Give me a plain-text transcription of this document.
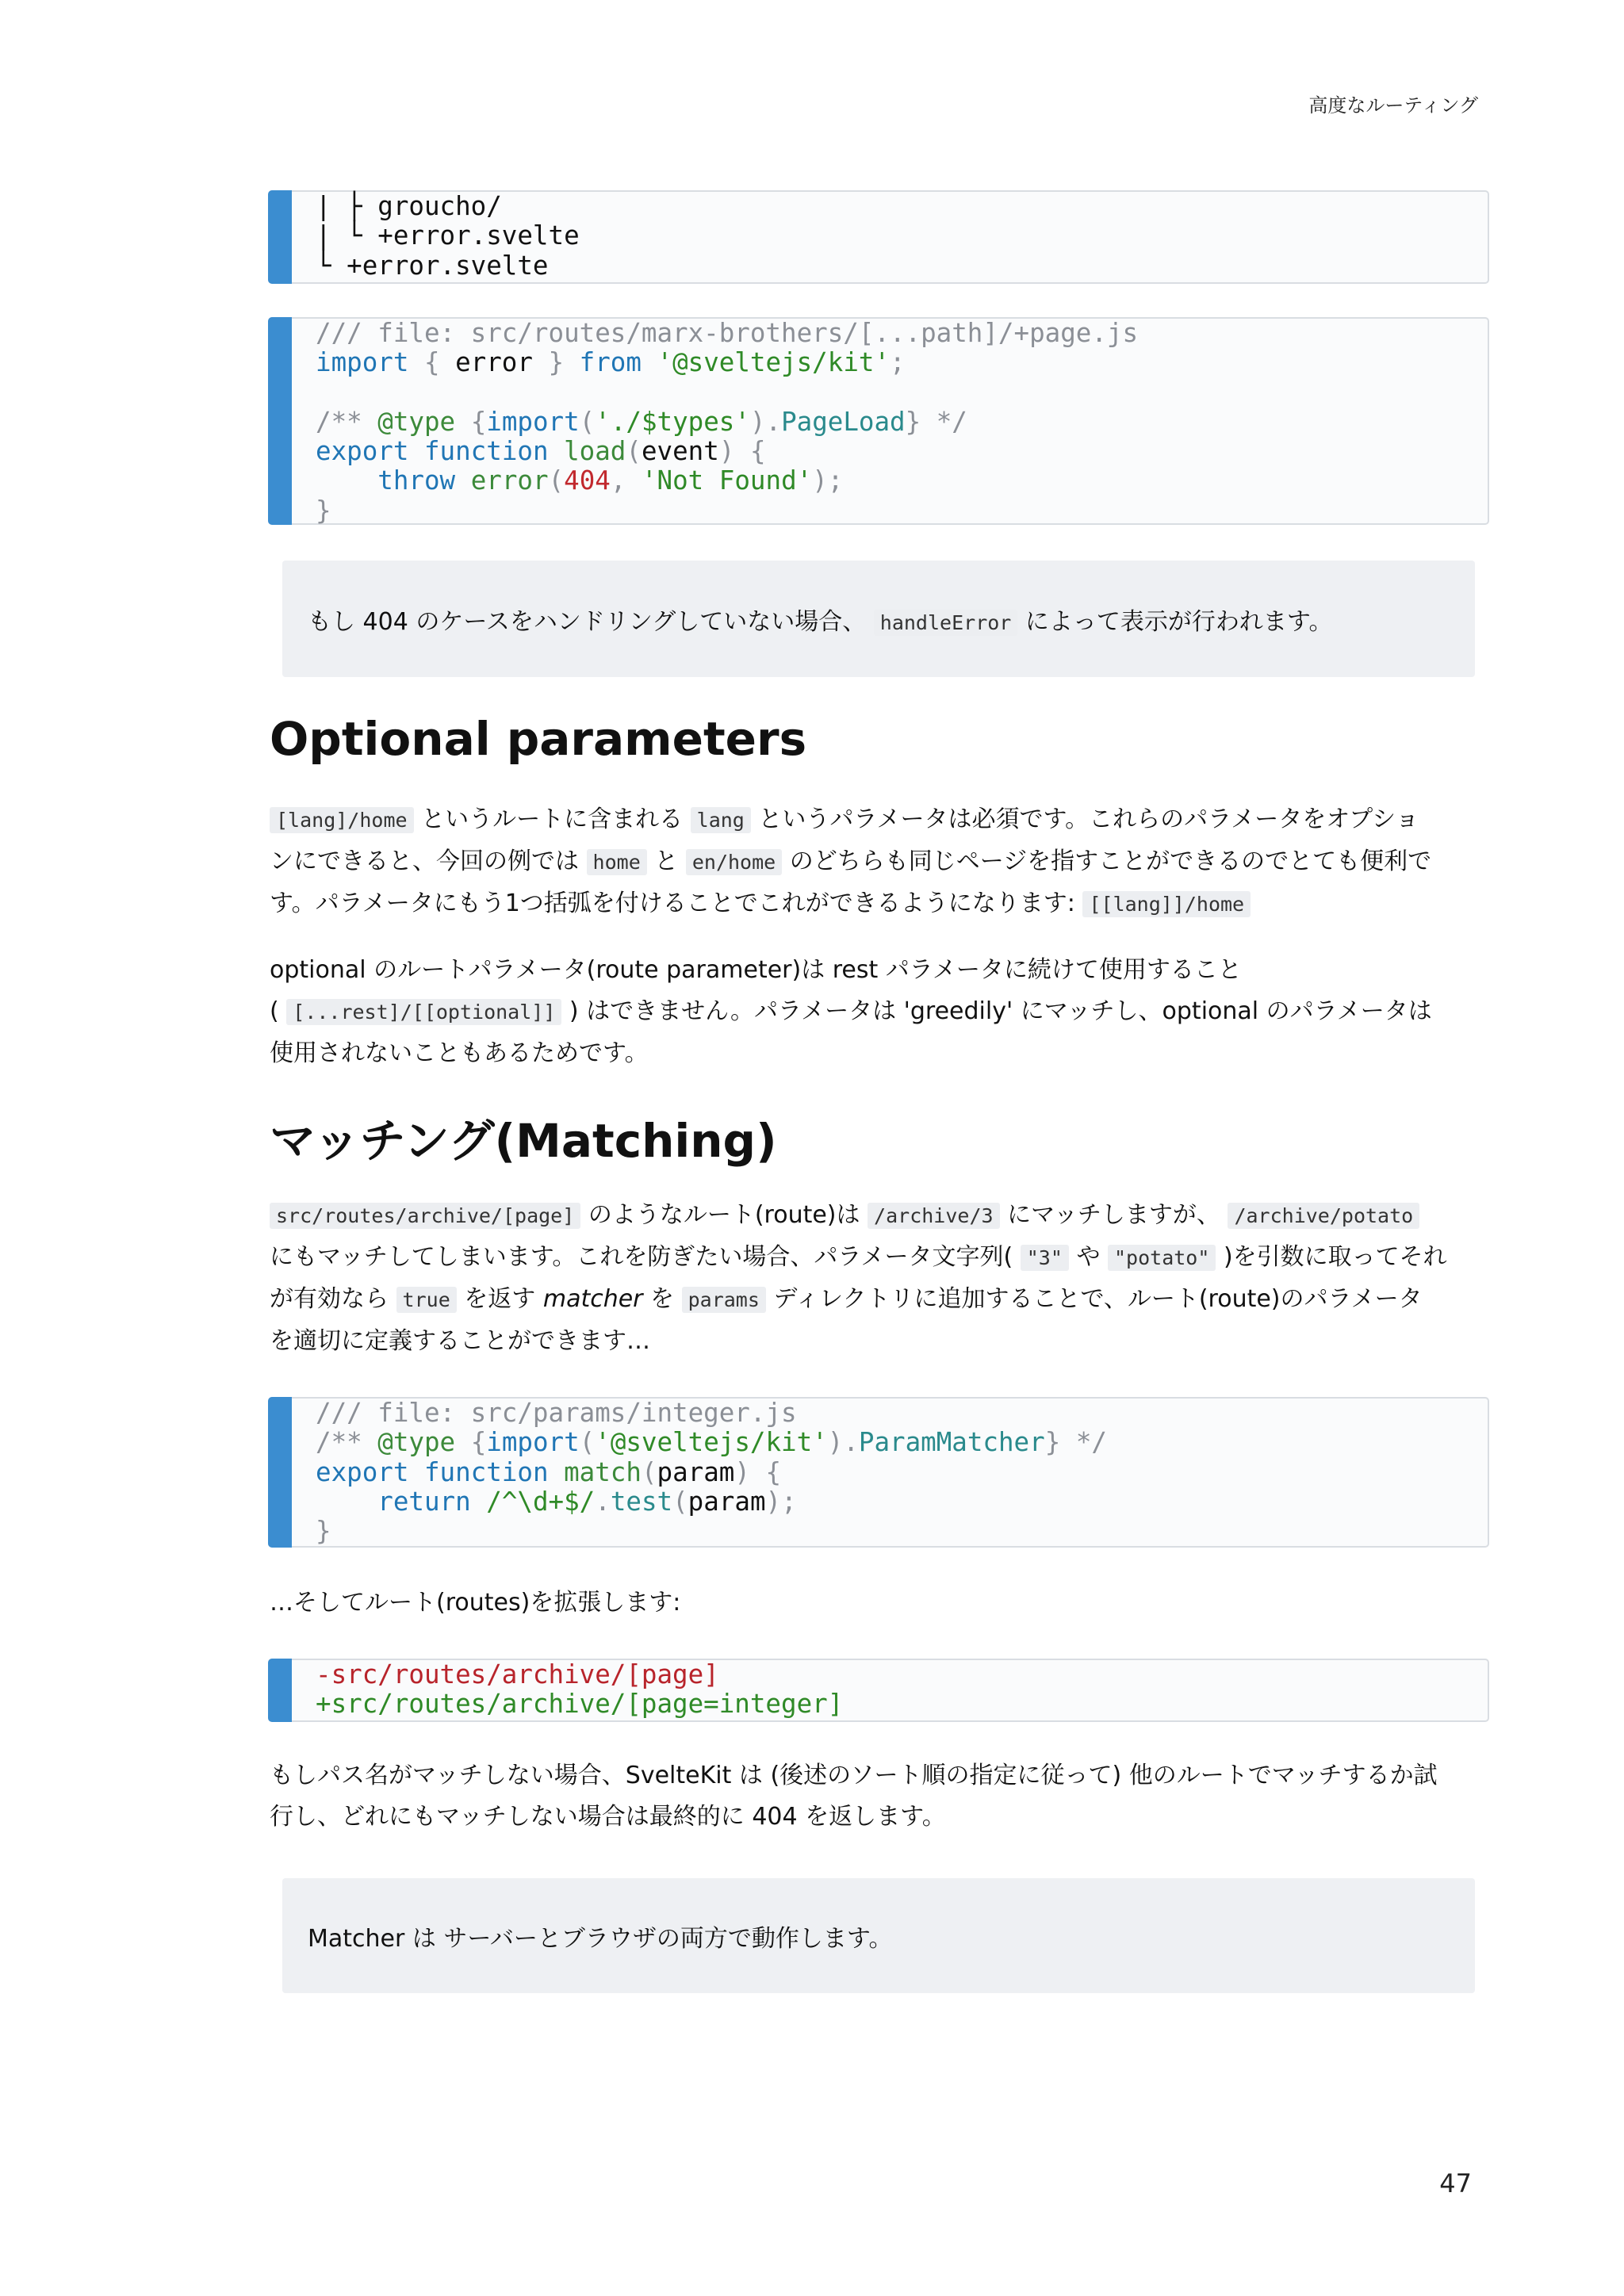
高度なルーティング
| ├ groucho/
| └ +error.svelte
└ +error.svelte
/// file: src/routes/marx-brothers/[...path]/+page.js
import { error } from '@sveltejs/kit';
/** @type {import('./$types').PageLoad} */
export function load(event) {
throw error(404, 'Not Found');
}
もし 404 のケースをハンドリングしていない場合、 handleError によって表示が行われます。
Optional parameters

[lang]/home というルートに含まれる lang というパラメータは必須です。これらのパラメータをオプショ
ンにできると、今回の例では home と en/home のどちらも同じページを指すことができるのでとても便利で
す。パラメータにもう1つ括弧を付けることでこれができるようになります: [[lang]]/home

optional のルートパラメータ(route parameter)は rest パラメータに続けて使用すること
( [...rest]/[[optional]] ) はできません。パラメータは 'greedily' にマッチし、optional のパラメータは
使用されないこともあるためです。

マッチング(Matching)

src/routes/archive/[page] のようなルート(route)は /archive/3 にマッチしますが、 /archive/potato
にもマッチしてしまいます。これを防ぎたい場合、パラメータ文字列( "3" や "potato" )を引数に取ってそれ
が有効なら true を返す matcher を params ディレクトリに追加することで、ルート(route)のパラメータ
を適切に定義することができます…

/// file: src/params/integer.js
/** @type {import('@sveltejs/kit').ParamMatcher} */
export function match(param) {
return /^\d+$/.test(param);
}

…そしてルート(routes)を拡張します:

-src/routes/archive/[page]
+src/routes/archive/[page=integer]

もしパス名がマッチしない場合、SvelteKit は (後述のソート順の指定に従って) 他のルートでマッチするか試
行し、どれにもマッチしない場合は最終的に 404 を返します。

Matcher は サーバーとブラウザの両方で動作します。
47
